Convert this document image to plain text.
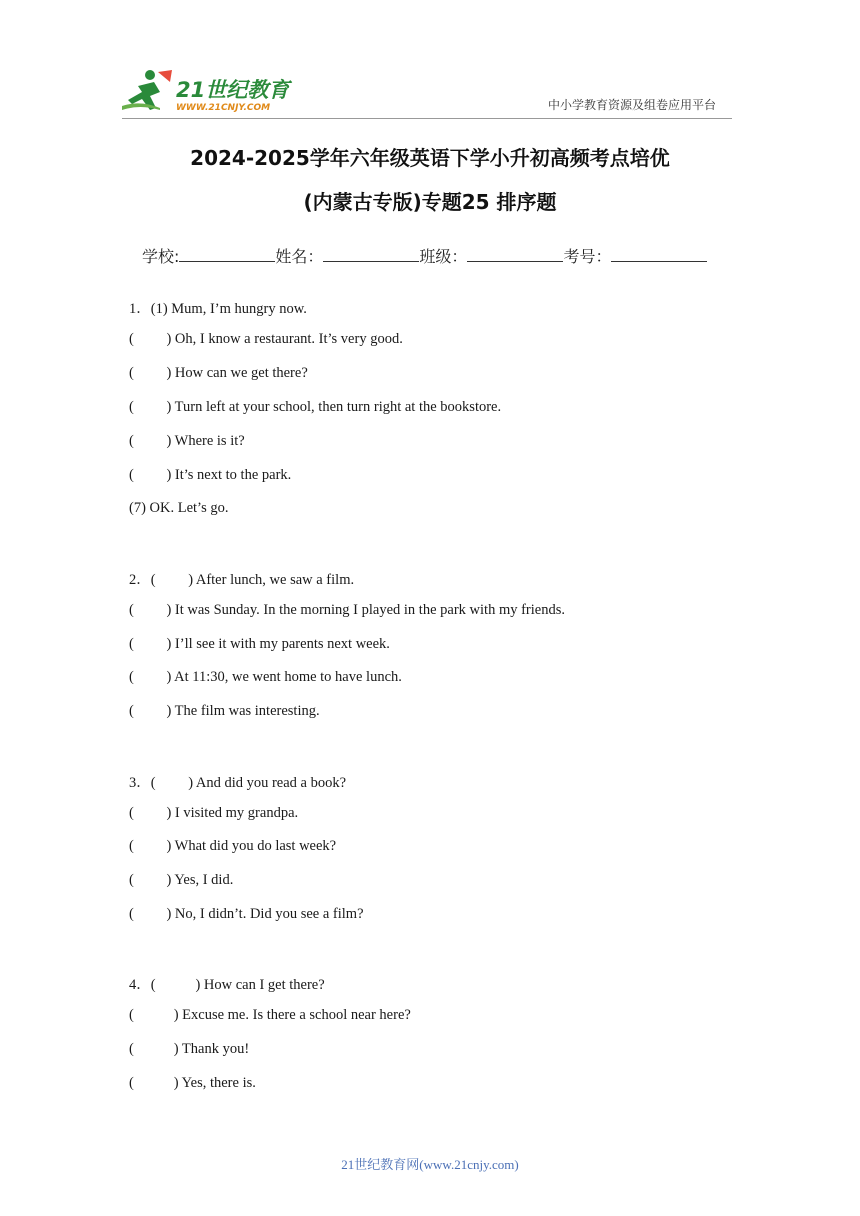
21世纪教育
WWW.21CNJY.COM	中小学教育资源及组卷应用平台
2024-2025学年六年级英语下学小升初高频考点培优
(内蒙古专版)专题25 排序题
学校:	姓名：	班级：	考号：
1．(1) Mum, I’m hungry now.
(         ) Oh, I know a restaurant. It’s very good.
(         ) How can we get there?
(         ) Turn left at your school, then turn right at the bookstore.
(         ) Where is it?
(         ) It’s next to the park.
(7) OK. Let’s go.
2．(         ) After lunch, we saw a film.
(         ) It was Sunday. In the morning I played in the park with my friends.
(         ) I’ll see it with my parents next week.
(         ) At 11:30, we went home to have lunch.
(         ) The film was interesting.
3．(         ) And did you read a book?
(         ) I visited my grandpa.
(         ) What did you do last week?
(         ) Yes, I did.
(         ) No, I didn’t. Did you see a film?
4．(           ) How can I get there?
(           ) Excuse me. Is there a school near here?
(           ) Thank you!
(           ) Yes, there is.
21世纪教育网(www.21cnjy.com)
